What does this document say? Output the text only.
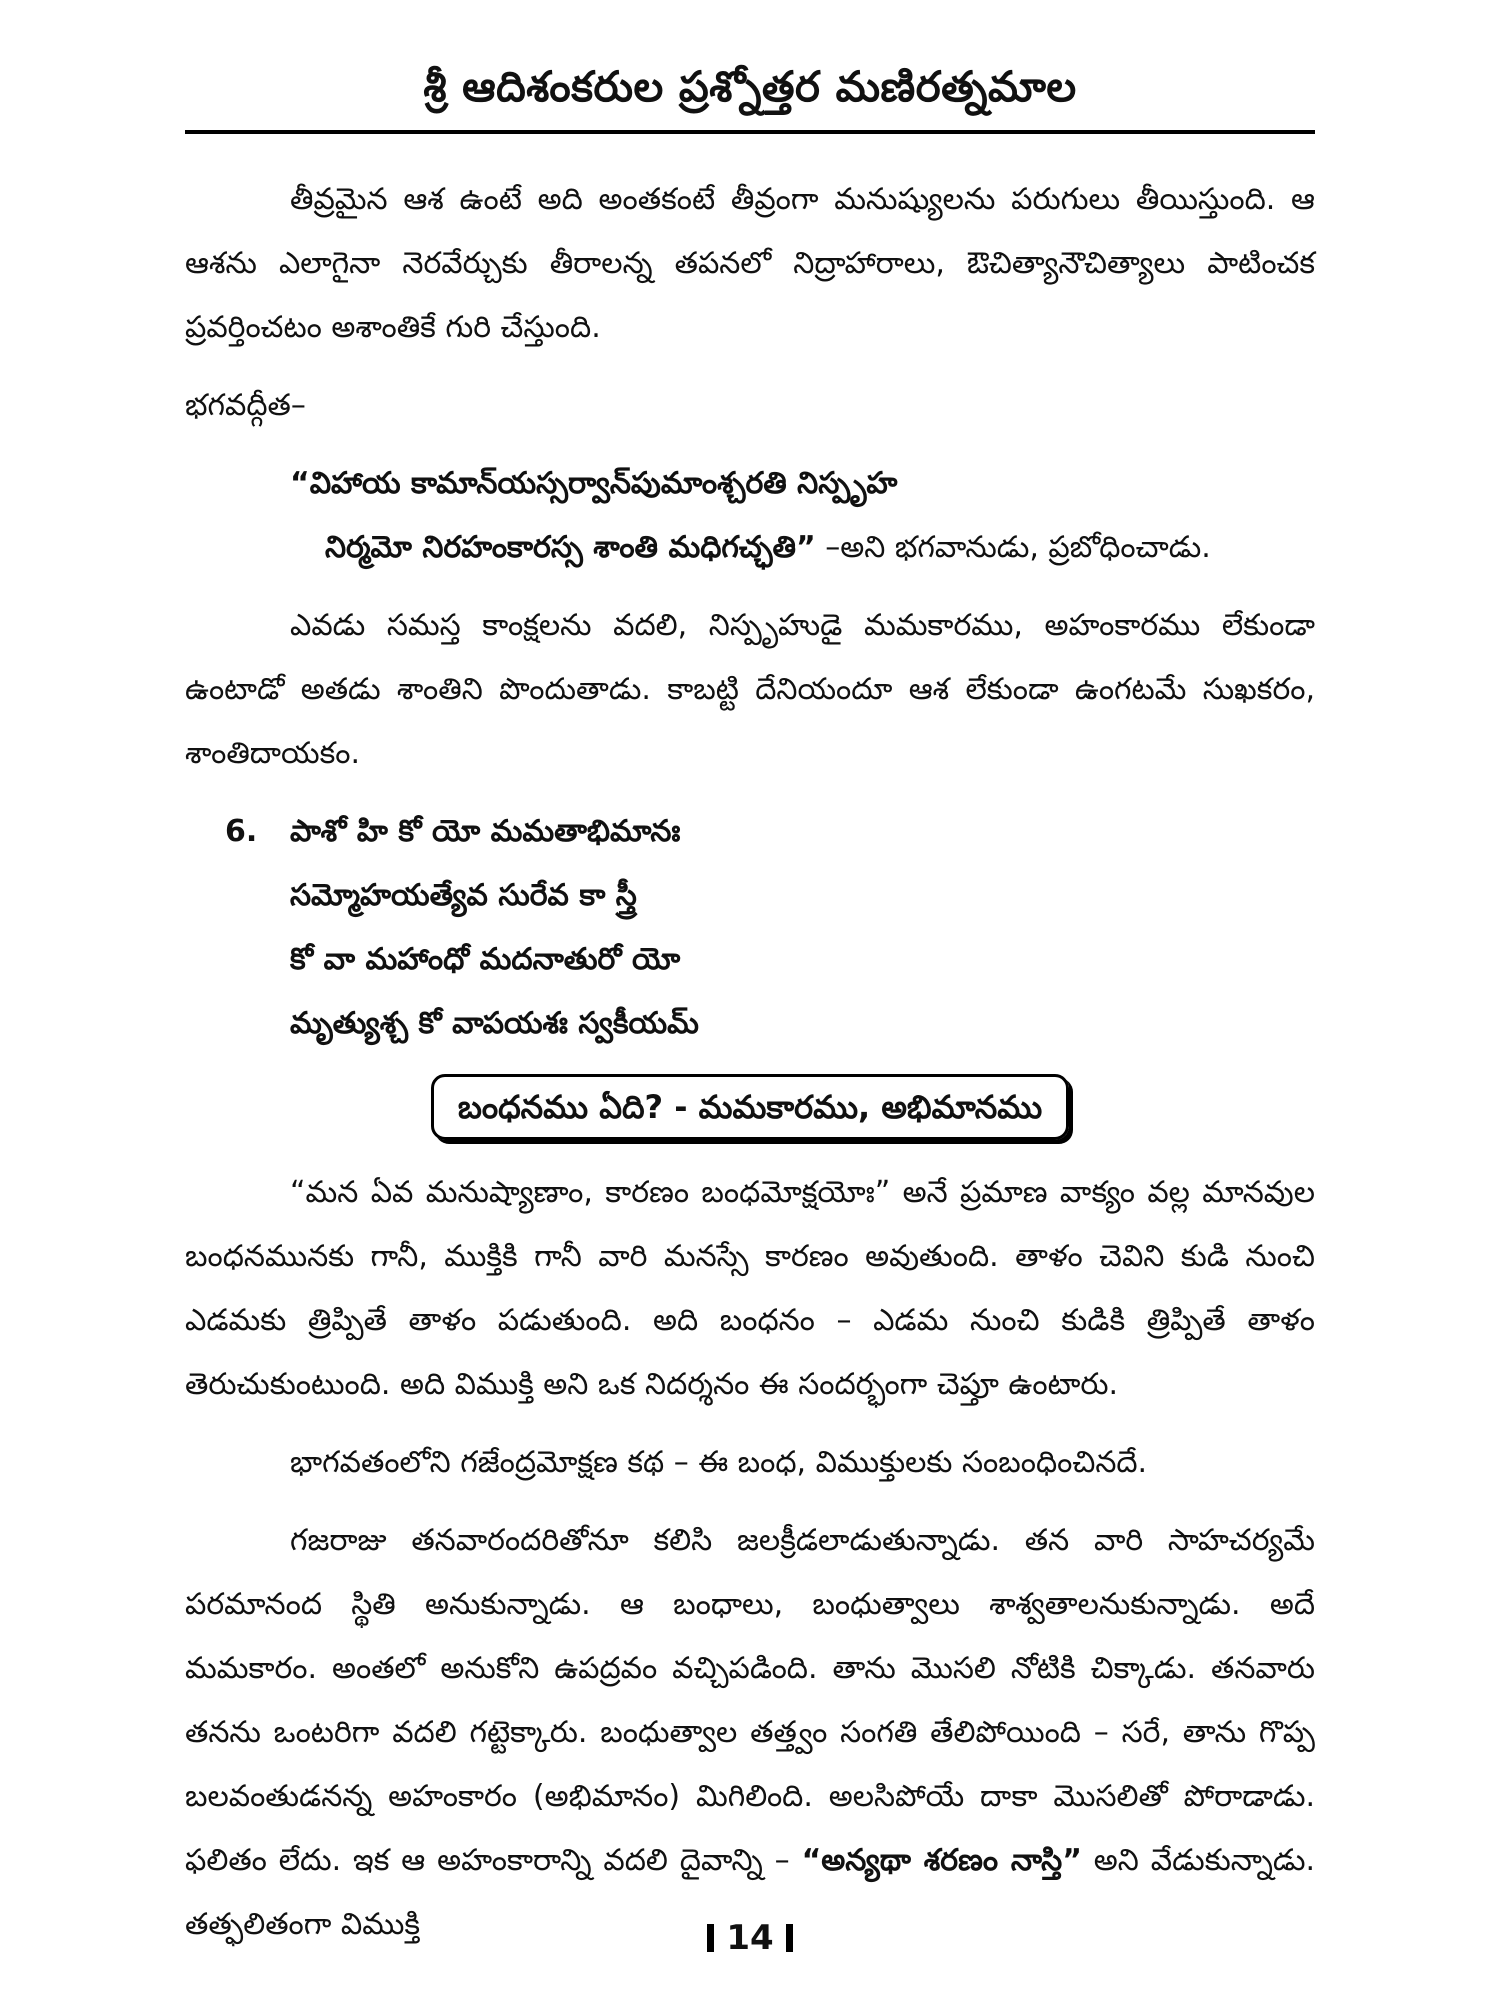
శ్రీ ఆదిశంకరుల ప్రశ్నోత్తర మణిరత్నమాల

తీవ్రమైన ఆశ ఉంటే అది అంతకంటే తీవ్రంగా మనుష్యులను పరుగులు తీయిస్తుంది. ఆ ఆశను ఎలాగైనా నెరవేర్చుకు తీరాలన్న తపనలో నిద్రాహారాలు, ఔచిత్యానౌచిత్యాలు పాటించక ప్రవర్తించటం అశాంతికే గురి చేస్తుంది.

భగవద్గీత–

“విహాయ కామాన్‌యస్సర్వాన్‌పుమాంశ్చరతి నిస్పృహ
నిర్మమో నిరహంకారస్స శాంతి మధిగచ్ఛతి” –అని భగవానుడు, ప్రబోధించాడు.

ఎవడు సమస్త కాంక్షలను వదలి, నిస్పృహుడై మమకారము, అహంకారము లేకుండా ఉంటాడో అతడు శాంతిని పొందుతాడు. కాబట్టి దేనియందూ ఆశ లేకుండా ఉంగటమే సుఖకరం, శాంతిదాయకం.

6. పాశో హి కో యో మమతాభిమానః
సమ్మోహయత్యేవ సురేవ కా స్త్రీ
కో వా మహాంధో మదనాతురో యో
మృత్యుశ్చ కో వాపయశః స్వకీయమ్
బంధనము ఏది? - మమకారము, అభిమానము

“మన ఏవ మనుష్యాణాం, కారణం బంధమోక్షయోః” అనే ప్రమాణ వాక్యం వల్ల మానవుల బంధనమునకు గానీ, ముక్తికి గానీ వారి మనస్సే కారణం అవుతుంది. తాళం చెవిని కుడి నుంచి ఎడమకు త్రిప్పితే తాళం పడుతుంది. అది బంధనం – ఎడమ నుంచి కుడికి త్రిప్పితే తాళం తెరుచుకుంటుంది. అది విముక్తి అని ఒక నిదర్శనం ఈ సందర్భంగా చెప్తూ ఉంటారు.

భాగవతంలోని గజేంద్రమోక్షణ కథ – ఈ బంధ, విముక్తులకు సంబంధించినదే.

గజరాజు తనవారందరితోనూ కలిసి జలక్రీడలాడుతున్నాడు. తన వారి సాహచర్యమే పరమానంద స్థితి అనుకున్నాడు. ఆ బంధాలు, బంధుత్వాలు శాశ్వతాలనుకున్నాడు. అదే మమకారం. అంతలో అనుకోని ఉపద్రవం వచ్చిపడింది. తాను మొసలి నోటికి చిక్కాడు. తనవారు తనను ఒంటరిగా వదలి గట్టెక్కారు. బంధుత్వాల తత్త్వం సంగతి తేలిపోయింది – సరే, తాను గొప్ప బలవంతుడనన్న అహంకారం (అభిమానం) మిగిలింది. అలసిపోయే దాకా మొసలితో పోరాడాడు. ఫలితం లేదు. ఇక ఆ అహంకారాన్ని వదలి దైవాన్ని – “అన్యథా శరణం నాస్తి” అని వేడుకున్నాడు. తత్ఫలితంగా విముక్తి	14
